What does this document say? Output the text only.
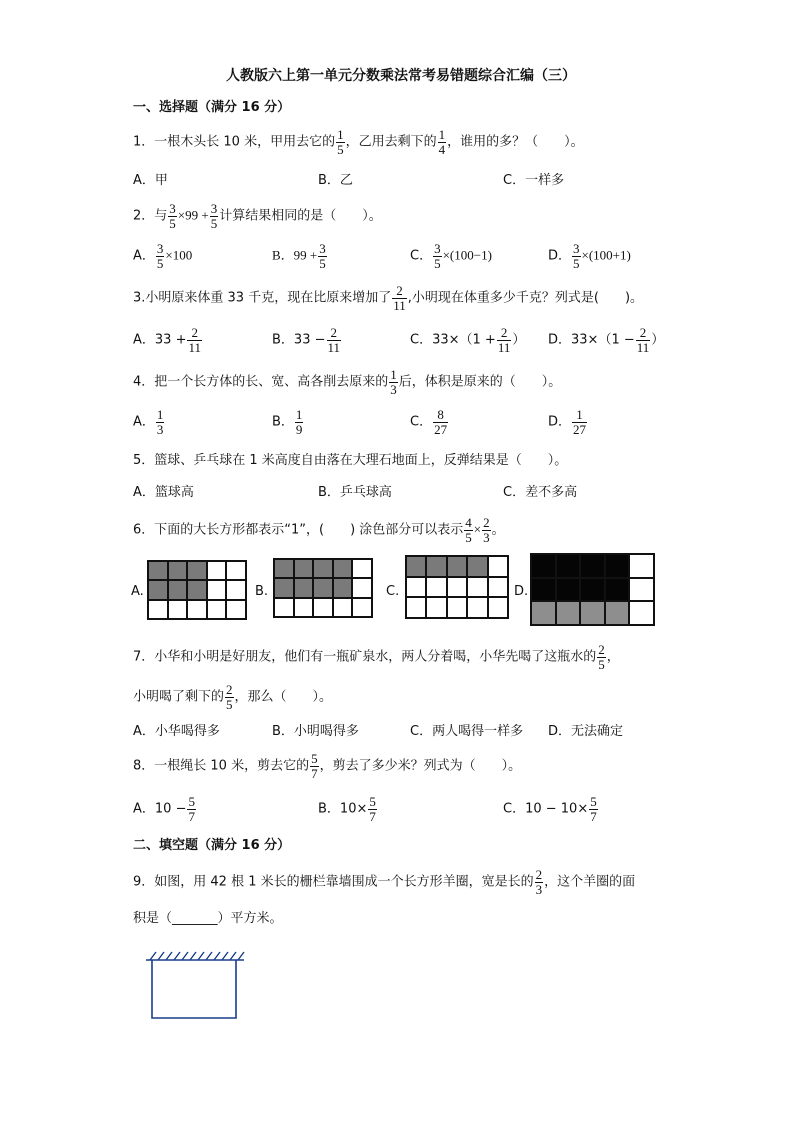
人教版六上第一单元分数乘法常考易错题综合汇编（三）
一、选择题（满分 16 分）
1．一根木头长 10 米，甲用去它的 $\frac{1}{5}$ ，乙用去剩下的 $\frac{1}{4}$ ，谁用的多？（　　）。
A．甲	B．乙	C．一样多
2．与 $\frac{3}{5} \times 99 + \frac{3}{5}$ 计算结果相同的是（　　）。
A． $\frac{3}{5} \times 100$	B．$99 + \frac{3}{5}$	C． $\frac{3}{5} \times(100-1)$	D． $\frac{3}{5} \times(100+1)$
3.小明原来体重 33 千克，现在比原来增加了 $\frac{2}{11}$ ,小明现在体重多少千克？列式是(　　)。
A．$33 + \frac{2}{11}$	B．$33 - \frac{2}{11}$	C．$33\times(1 + \frac{2}{11}$ ） D．$33\times(1 - \frac{2}{11}$ ）
4．把一个长方体的长、宽、高各削去原来的 $\frac{1}{3}$ 后，体积是原来的（　　）。
A． $\frac{1}{3}$	B． $\frac{1}{9}$	C． $\frac{8}{27}$	D． $\frac{1}{27}$
5．篮球、乒乓球在 1 米高度自由落在大理石地面上，反弹结果是（　　）。
A．篮球高	B．乒乓球高	C．差不多高
6．下面的大长方形都表示“1”，(　　) 涂色部分可以表示 $\frac{4}{5} \times \frac{2}{3}$ 。
A.	B.	C.	D.
7．小华和小明是好朋友，他们有一瓶矿泉水，两人分着喝，小华先喝了这瓶水的 $\frac{2}{5}$ ，
小明喝了剩下的 $\frac{2}{5}$ ，那么（　　）。
A．小华喝得多	B．小明喝得多	C．两人喝得一样多 D．无法确定
8．一根绳长 10 米，剪去它的 $\frac{5}{7}$ ，剪去了多少米？列式为（　　）。
A．$10 - \frac{5}{7}$	B．$10\times \frac{5}{7}$	C．$10 - 10\times \frac{5}{7}$
二、填空题（满分 16 分）
9．如图，用 42 根 1 米长的栅栏靠墙围成一个长方形羊圈，宽是长的 $\frac{2}{3}$ ，这个羊圈的面
积是（_______）平方米。
